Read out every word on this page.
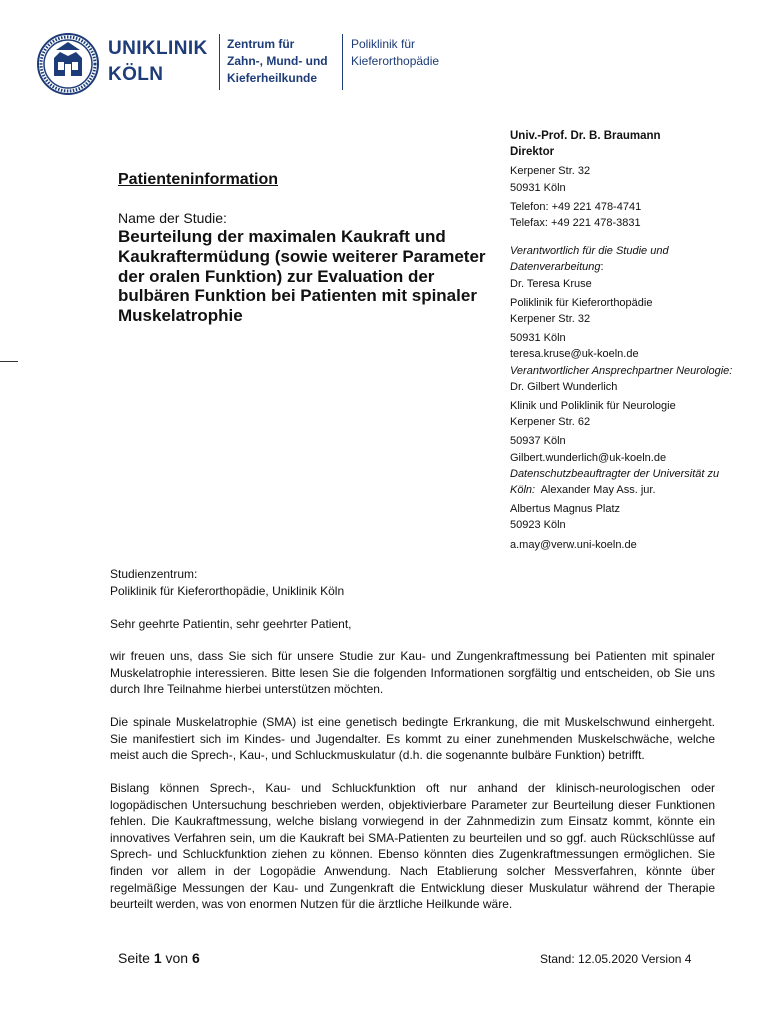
UNIKLINIK
KÖLN
Zentrum für
Zahn-, Mund- und
Kieferheilkunde
Poliklinik für
Kieferorthopädie
Univ.-Prof. Dr. B. Braumann
Direktor
Kerpener Str. 32
50931 Köln
Telefon: +49 221 478-4741
Telefax: +49 221 478-3831
Verantwortlich für die Studie und
Datenverarbeitung:
Dr. Teresa Kruse
Poliklinik für Kieferorthopädie
Kerpener Str. 32
50931 Köln
teresa.kruse@uk-koeln.de
Verantwortlicher Ansprechpartner Neurologie:
Dr. Gilbert Wunderlich
Klinik und Poliklinik für Neurologie
Kerpener Str. 62
50937 Köln
Gilbert.wunderlich@uk-koeln.de
Datenschutzbeauftragter der Universität zu
Köln: Alexander May Ass. jur.
Albertus Magnus Platz
50923 Köln
a.may@verw.uni-koeln.de
Patienteninformation
Name der Studie:
Beurteilung der maximalen Kaukraft und
Kaukraftermüdung (sowie weiterer Parameter
der oralen Funktion) zur Evaluation der
bulbären Funktion bei Patienten mit spinaler
Muskelatrophie
Studienzentrum:
Poliklinik für Kieferorthopädie, Uniklinik Köln
Sehr geehrte Patientin, sehr geehrter Patient,
wir freuen uns, dass Sie sich für unsere Studie zur Kau- und Zungenkraftmessung bei Patienten mit spinaler Muskelatrophie interessieren. Bitte lesen Sie die folgenden Informationen sorgfältig und entscheiden, ob Sie uns durch Ihre Teilnahme hierbei unterstützen möchten.
Die spinale Muskelatrophie (SMA) ist eine genetisch bedingte Erkrankung, die mit Muskelschwund einhergeht. Sie manifestiert sich im Kindes- und Jugendalter. Es kommt zu einer zunehmenden Muskelschwäche, welche meist auch die Sprech-, Kau-, und Schluckmuskulatur (d.h. die sogenannte bulbäre Funktion) betrifft.
Bislang können Sprech-, Kau- und Schluckfunktion oft nur anhand der klinisch-neurologischen oder logopädischen Untersuchung beschrieben werden, objektivierbare Parameter zur Beurteilung dieser Funktionen fehlen. Die Kaukraftmessung, welche bislang vorwiegend in der Zahnmedizin zum Einsatz kommt, könnte ein innovatives Verfahren sein, um die Kaukraft bei SMA-Patienten zu beurteilen und so ggf. auch Rückschlüsse auf Sprech- und Schluckfunktion ziehen zu können. Ebenso könnten dies Zugenkraftmessungen ermöglichen. Sie finden vor allem in der Logopädie Anwendung. Nach Etablierung solcher Messverfahren, könnte über regelmäßige Messungen der Kau- und Zungenkraft die Entwicklung dieser Muskulatur während der Therapie beurteilt werden, was von enormen Nutzen für die ärztliche Heilkunde wäre.
Seite 1 von 6	Stand: 12.05.2020 Version 4
